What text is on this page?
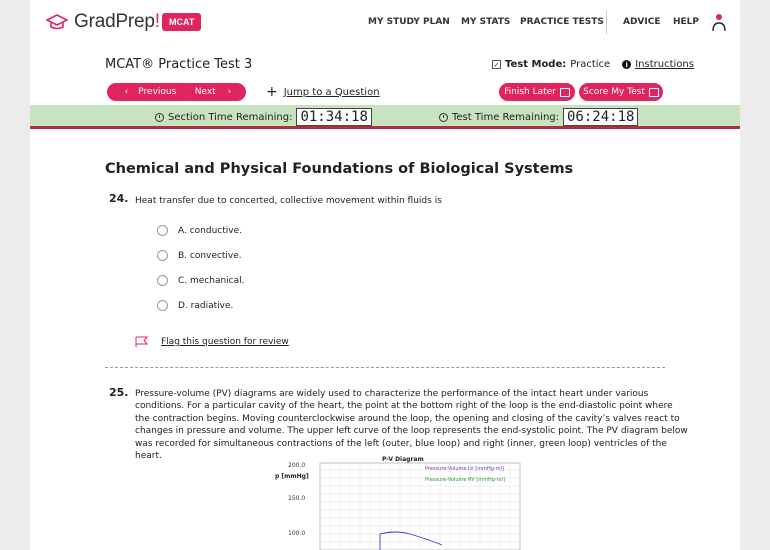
GradPrep!	MCAT	MY STUDY PLAN MY STATS PRACTICE TESTS ADVICE HELP
MCAT® Practice Test 3	✓ Test Mode: Practice	i Instructions
‹ Previous Next › + Jump to a Question	Finish Later	Score My Test
Section Time Remaining: 01:34:18	Test Time Remaining: 06:24:18
Chemical and Physical Foundations of Biological Systems
24. Heat transfer due to concerted, collective movement within fluids is
A. conductive.
B. convective.
C. mechanical.
D. radiative.
Flag this question for review
25. Pressure-volume (PV) diagrams are widely used to characterize the performance of the intact heart under various
conditions. For a particular cavity of the heart, the point at the bottom right of the loop is the end-diastolic point where
the contraction begins. Moving counterclockwise around the loop, the opening and closing of the cavity’s valves react to
changes in pressure and volume. The upper left curve of the loop represents the end-systolic point. The PV diagram below
was recorded for simultaneous contractions of the left (outer, blue loop) and right (inner, green loop) ventricles of the
heart.	P-V Diagram
p [mmHg]
200.0
150.0
100.0
Pressure-Volume LV [mmHg-ml]
Pressure-Volume RV [mmHg-ml]
